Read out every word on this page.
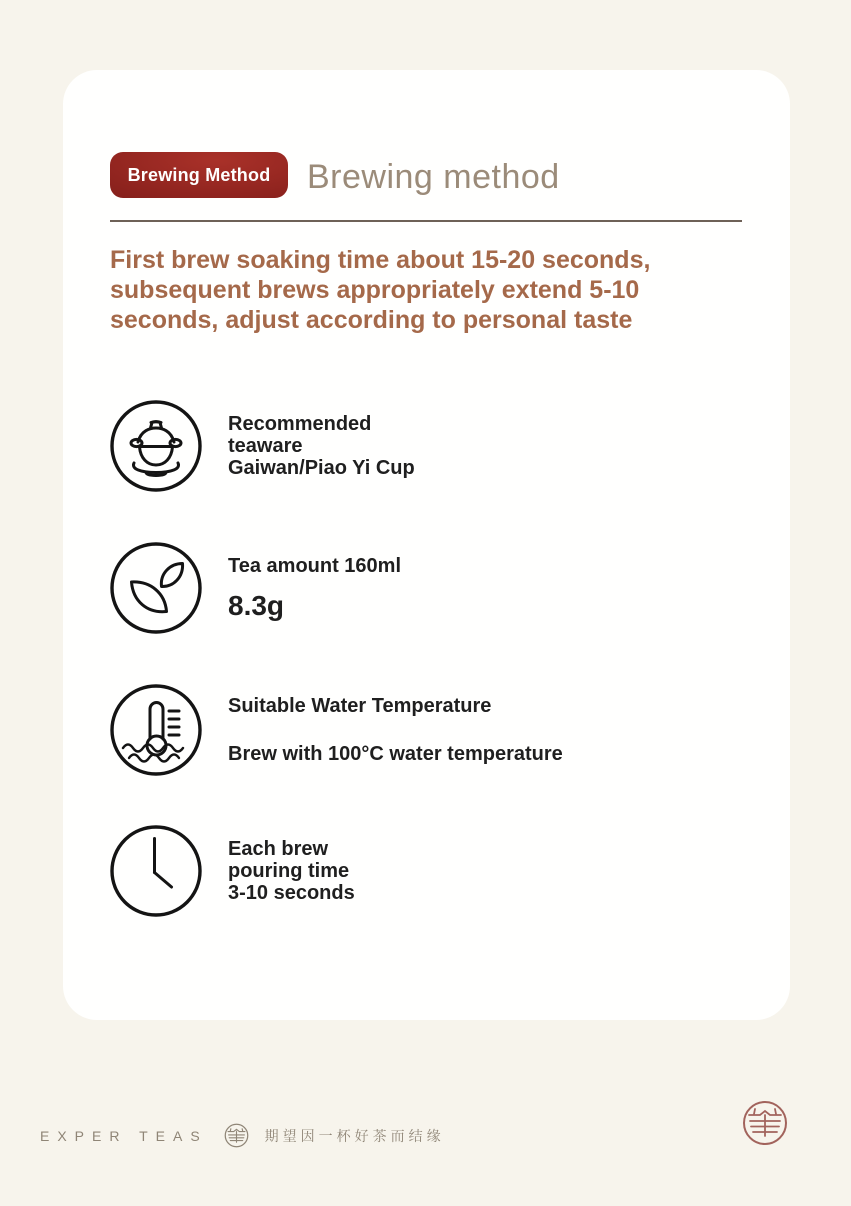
Brewing Method Brewing method
First brew soaking time about 15-20 seconds,
subsequent brews appropriately extend 5-10
seconds, adjust according to personal taste
Recommended
teaware
Gaiwan/Piao Yi Cup
Tea amount 160ml
8.3g
Suitable Water Temperature
Brew with 100°C water temperature
Each brew
pouring time
3-10 seconds
EXPER TEAS	期望因一杯好茶而结缘
